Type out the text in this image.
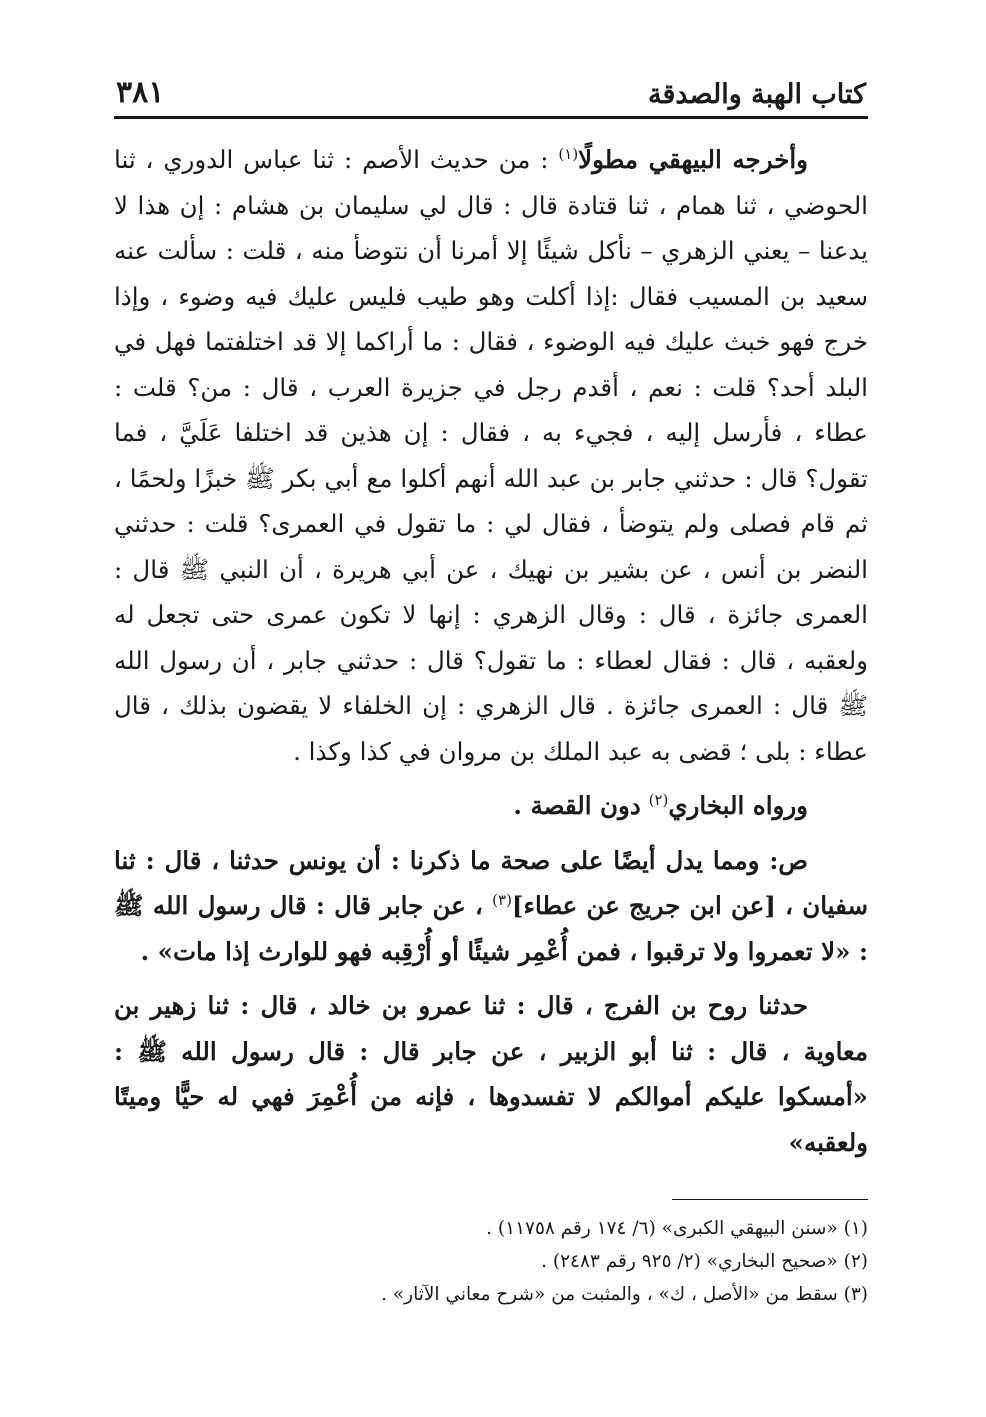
كتاب الهبة والصدقة
٣٨١

وأخرجه البيهقي مطولًا$^{(١)}$ : من حديث الأصم : ثنا عباس الدوري ، ثنا الحوضي ، ثنا همام ، ثنا قتادة قال : قال لي سليمان بن هشام : إن هذا لا يدعنا – يعني الزهري – نأكل شيئًا إلا أمرنا أن نتوضأ منه ، قلت : سألت عنه سعيد بن المسيب فقال :إذا أكلت وهو طيب فليس عليك فيه وضوء ، وإذا خرج فهو خبث عليك فيه الوضوء ، فقال : ما أراكما إلا قد اختلفتما فهل في البلد أحد؟ قلت : نعم ، أقدم رجل في جزيرة العرب ، قال : من؟ قلت : عطاء ، فأرسل إليه ، فجيء به ، فقال : إن هذين قد اختلفا عَلَيَّ ، فما تقول؟ قال : حدثني جابر بن عبد الله أنهم أكلوا مع أبي بكر ﷺ خبزًا ولحمًا ، ثم قام فصلى ولم يتوضأ ، فقال لي : ما تقول في العمرى؟ قلت : حدثني النضر بن أنس ، عن بشير بن نهيك ، عن أبي هريرة ، أن النبي ﷺ قال : العمرى جائزة ، قال : وقال الزهري : إنها لا تكون عمرى حتى تجعل له ولعقبه ، قال : فقال لعطاء : ما تقول؟ قال : حدثني جابر ، أن رسول الله ﷺ قال : العمرى جائزة . قال الزهري : إن الخلفاء لا يقضون بذلك ، قال عطاء : بلى ؛ قضى به عبد الملك بن مروان في كذا وكذا .

ورواه البخاري$^{(٢)}$ دون القصة .

ص: ومما يدل أيضًا على صحة ما ذكرنا : أن يونس حدثنا ، قال : ثنا سفيان ، [عن ابن جريج عن عطاء]$^{(٣)}$ ، عن جابر قال : قال رسول الله ﷺ : «لا تعمروا ولا ترقبوا ، فمن أُعْمِر شيئًا أو أُرْقِبه فهو للوارث إذا مات» .

حدثنا روح بن الفرج ، قال : ثنا عمرو بن خالد ، قال : ثنا زهير بن معاوية ، قال : ثنا أبو الزبير ، عن جابر قال : قال رسول الله ﷺ : «أمسكوا عليكم أموالكم لا تفسدوها ، فإنه من أُعْمِرَ فهي له حيًّا وميتًا ولعقبه»

(١) «سنن البيهقي الكبرى» (٦/ ١٧٤ رقم ١١٧٥٨) .

(٢) «صحيح البخاري» (٢/ ٩٢٥ رقم ٢٤٨٣) .

(٣) سقط من «الأصل ، ك» ، والمثبت من «شرح معاني الآثار» .
